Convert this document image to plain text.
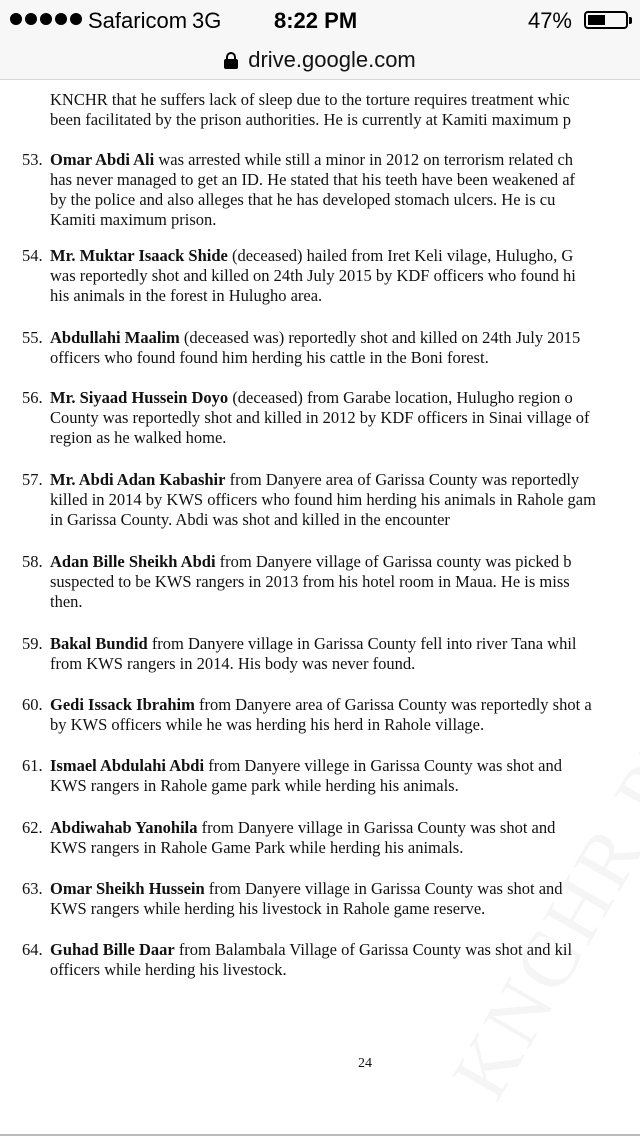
Safaricom 3G 8:22 PM	47%
drive.google.com
KNCHR that he suffers lack of sleep due to the torture requires treatment whic
been facilitated by the prison authorities. He is currently at Kamiti maximum p
53. Omar Abdi Ali was arrested while still a minor in 2012 on terrorism related ch
has never managed to get an ID. He stated that his teeth have been weakened af
by the police and also alleges that he has developed stomach ulcers. He is cu
Kamiti maximum prison.
54. Mr. Muktar Isaack Shide (deceased) hailed from Iret Keli vilage, Hulugho, G
was reportedly shot and killed on 24th July 2015 by KDF officers who found hi
his animals in the forest in Hulugho area.
55. Abdullahi Maalim (deceased was) reportedly shot and killed on 24th July 2015
officers who found found him herding his cattle in the Boni forest.
56. Mr. Siyaad Hussein Doyo (deceased) from Garabe location, Hulugho region o
County was reportedly shot and killed in 2012 by KDF officers in Sinai village of
region as he walked home.
57. Mr. Abdi Adan Kabashir from Danyere area of Garissa County was reportedly
killed in 2014 by KWS officers who found him herding his animals in Rahole gam
in Garissa County. Abdi was shot and killed in the encounter
58. Adan Bille Sheikh Abdi from Danyere village of Garissa county was picked b
suspected to be KWS rangers in 2013 from his hotel room in Maua. He is miss
then.
59. Bakal Bundid from Danyere village in Garissa County fell into river Tana whil
from KWS rangers in 2014. His body was never found.
60. Gedi Issack Ibrahim from Danyere area of Garissa County was reportedly shot a
by KWS officers while he was herding his herd in Rahole village.
61. Ismael Abdulahi Abdi from Danyere villege in Garissa County was shot and
KWS rangers in Rahole game park while herding his animals.
62. Abdiwahab Yanohila from Danyere village in Garissa County was shot and
KWS rangers in Rahole Game Park while herding his animals.
63. Omar Sheikh Hussein from Danyere village in Garissa County was shot and
KWS rangers while herding his livestock in Rahole game reserve.
64. Guhad Bille Daar from Balambala Village of Garissa County was shot and kil
officers while herding his livestock.
24
